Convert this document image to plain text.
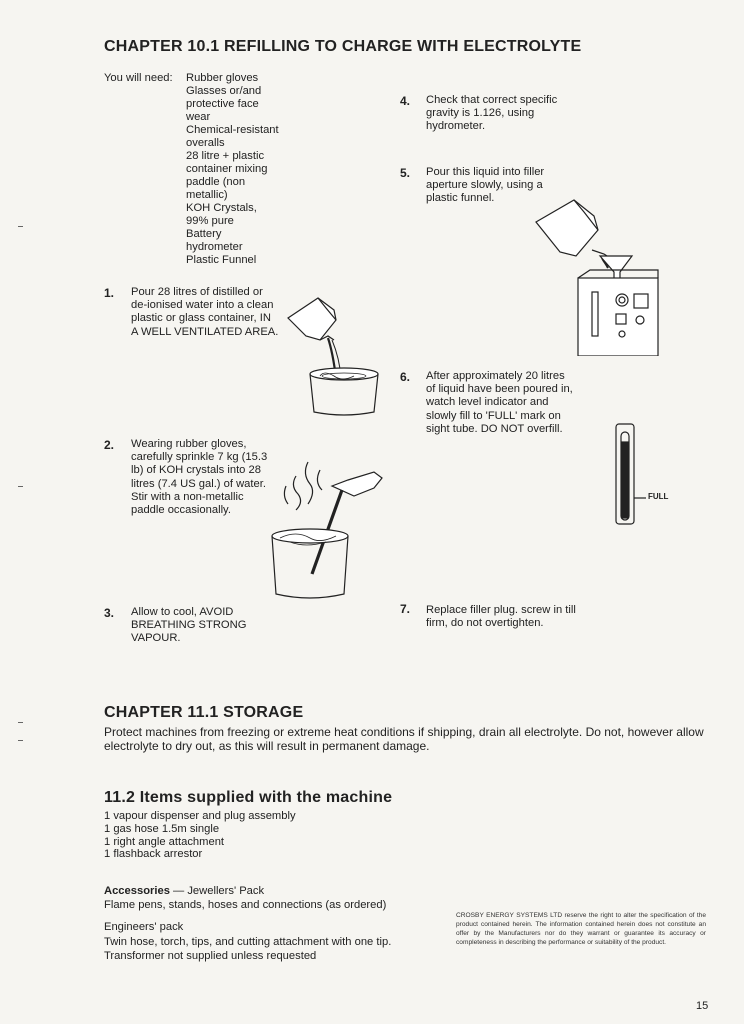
CHAPTER 10.1 REFILLING TO CHARGE WITH ELECTROLYTE
You will need: Rubber gloves
Glasses or/and
protective face
wear
Chemical-resistant
overalls
28 litre + plastic
container mixing
paddle (non
metallic)
KOH Crystals,
99% pure
Battery
hydrometer
Plastic Funnel
1. Pour 28 litres of distilled or de-ionised water into a clean plastic or glass container, IN A WELL VENTILATED AREA.
2. Wearing rubber gloves, carefully sprinkle 7 kg (15.3 lb) of KOH crystals into 28 litres (7.4 US gal.) of water. Stir with a non-metallic paddle occasionally.
3. Allow to cool, AVOID BREATHING STRONG VAPOUR.
4. Check that correct specific gravity is 1.126, using hydrometer.
5. Pour this liquid into filler aperture slowly, using a plastic funnel.
6. After approximately 20 litres of liquid have been poured in, watch level indicator and slowly fill to 'FULL' mark on sight tube. DO NOT overfill.
FULL
7. Replace filler plug. screw in till firm, do not overtighten.
CHAPTER 11.1 STORAGE
Protect machines from freezing or extreme heat conditions if shipping, drain all electrolyte. Do not, however allow electrolyte to dry out, as this will result in permanent damage.
11.2 Items supplied with the machine
1 vapour dispenser and plug assembly
1 gas hose 1.5m single
1 right angle attachment
1 flashback arrestor
Accessories — Jewellers' Pack
Flame pens, stands, hoses and connections (as ordered)
Engineers' pack
Twin hose, torch, tips, and cutting attachment with one tip.
Transformer not supplied unless requested
CROSBY ENERGY SYSTEMS LTD reserve the right to alter the specification of the product contained herein. The information contained herein does not constitute an offer by the Manufacturers nor do they warrant or guarantee its accuracy or completeness in describing the performance or suitability of the product.
15
